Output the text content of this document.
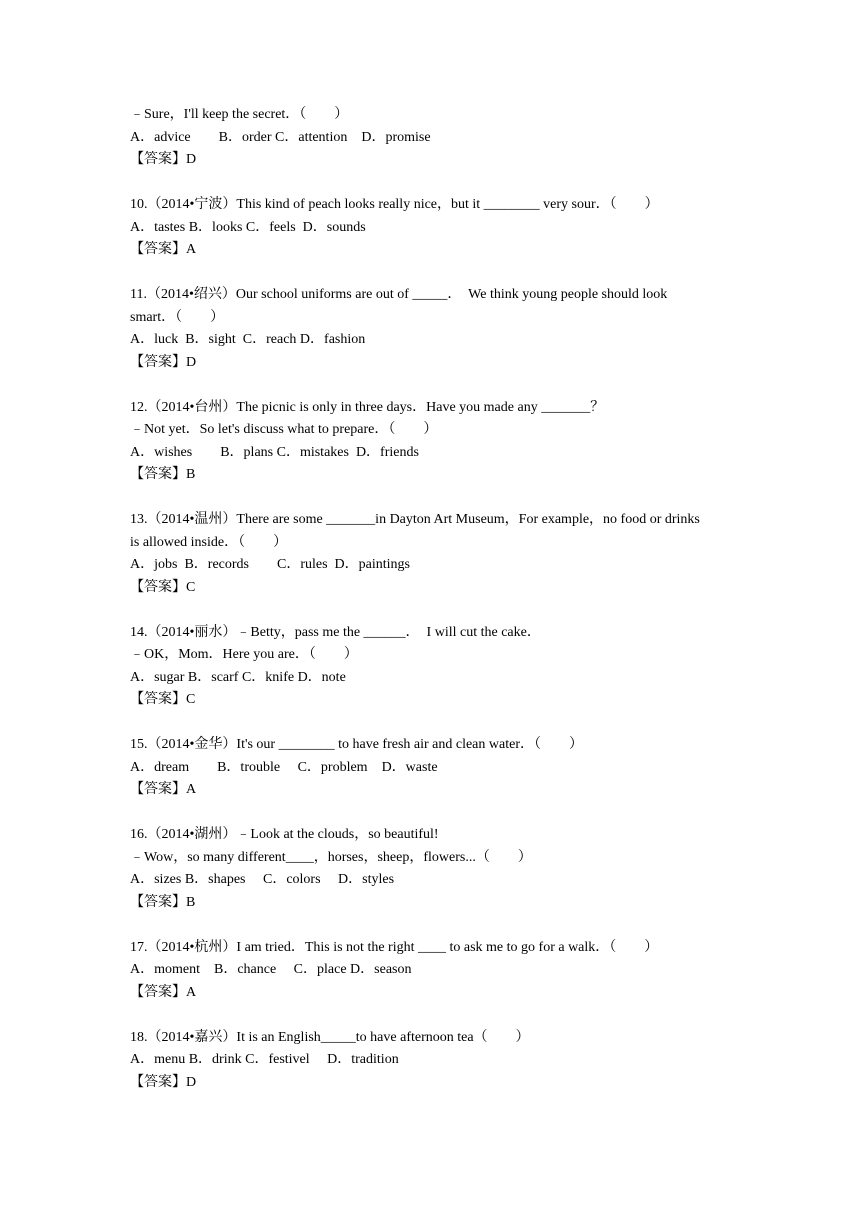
﹣Sure，I'll keep the secret．（　　）
A．advice　　B．order C．attention　D．promise
【答案】D
10.（2014•宁波）This kind of peach looks really nice，but it ________ very sour．（　　）
A．tastes B．looks C．feels  D．sounds
【答案】A
11.（2014•绍兴）Our school uniforms are out of _____．  We think young people should look
smart．（　　）
A．luck  B．sight  C．reach D．fashion
【答案】D
12.（2014•台州）The picnic is only in three days．Have you made any _______？
﹣Not yet．So let's discuss what to prepare．（　　）
A．wishes　　B．plans C．mistakes  D．friends
【答案】B
13.（2014•温州）There are some _______in Dayton Art Museum，For example，no food or drinks
is allowed inside．（　　）
A．jobs  B．records　　C．rules  D．paintings
【答案】C
14.（2014•丽水）﹣Betty，pass me the ______．  I will cut the cake．
﹣OK，Mom．Here you are．（　　）
A．sugar B．scarf C．knife D．note
【答案】C
15.（2014•金华）It's our ________ to have fresh air and clean water．（　　）
A．dream　　B．trouble　 C．problem　D．waste
【答案】A
16.（2014•湖州）﹣Look at the clouds，so beautiful!
﹣Wow，so many different____，horses，sheep，flowers...（　　）
A．sizes B．shapes　 C．colors　 D．styles
【答案】B
17.（2014•杭州）I am tried．This is not the right ____ to ask me to go for a walk．（　　）
A．moment　B．chance　 C．place D．season
【答案】A
18.（2014•嘉兴）It is an English_____to have afternoon tea（　　）
A．menu B．drink C．festivel　 D．tradition
【答案】D
